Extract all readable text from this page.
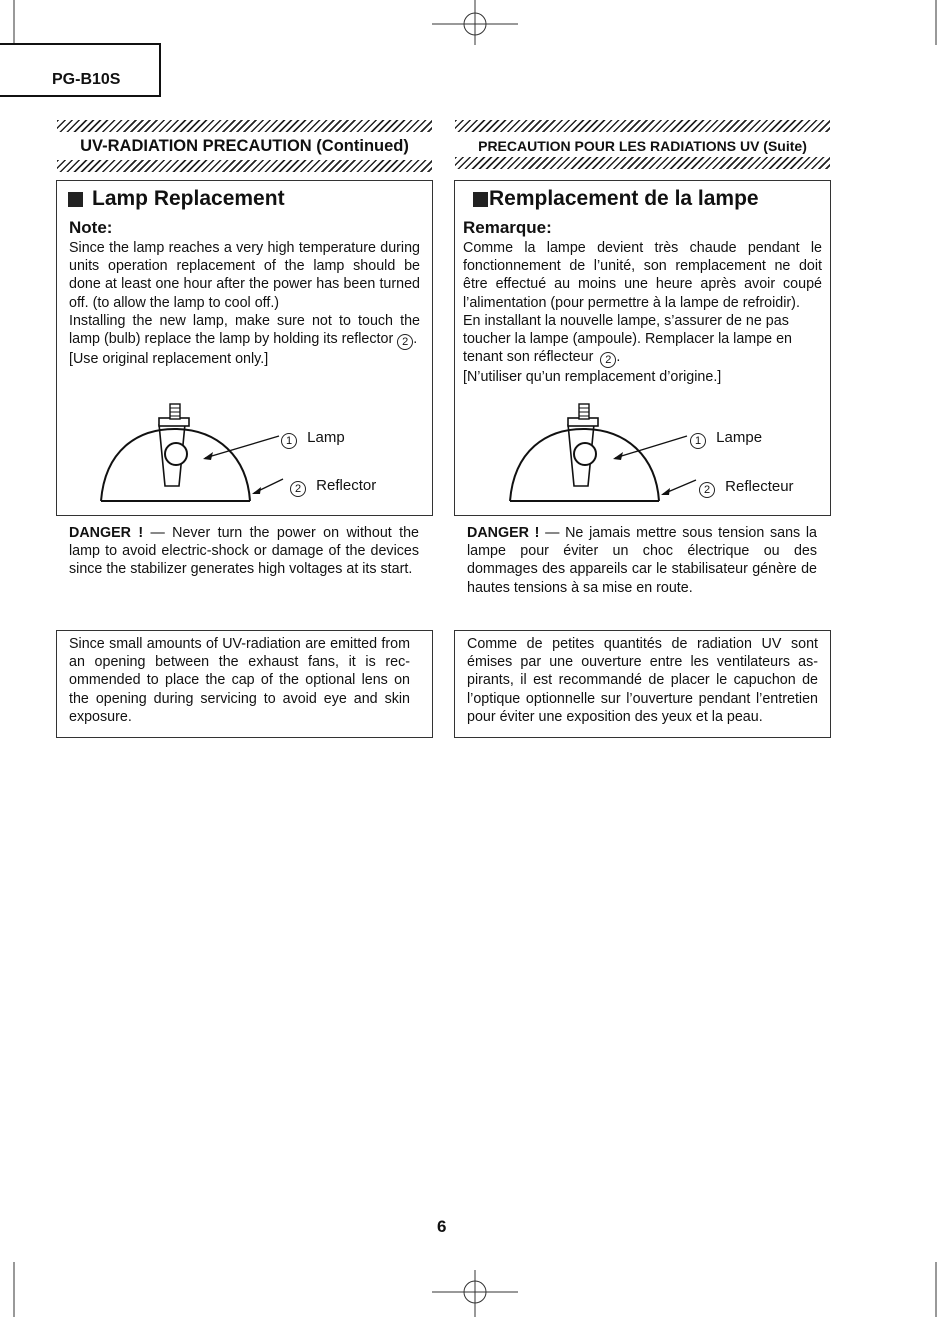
PG-B10S
UV-RADIATION PRECAUTION (Continued)
Lamp Replacement
Note:

Since the lamp reaches a very high temperature during units operation replacement of the lamp should be done at least one hour after the power has been turned off. (to allow the lamp to cool off.)

Installing the new lamp, make sure not to touch the lamp (bulb) replace the lamp by holding its reflector 2 .

[Use original replacement only.]

1 Lamp
2 Reflector
DANGER ! — Never turn the power on without the lamp to avoid electric-shock or damage of the devices since the stabilizer generates high voltages at its start.
Since small amounts of UV-radiation are emitted from an opening between the exhaust fans, it is rec-ommended to place the cap of the optional lens on the opening during servicing to avoid eye and skin exposure.
PRECAUTION POUR LES RADIATIONS UV (Suite)
Remplacement de la lampe
Remarque:

Comme la lampe devient très chaude pendant le fonctionnement de l’unité, son remplacement ne doit être effectué au moins une heure après avoir coupé l’alimentation (pour permettre à la lampe de refroidir).

En installant la nouvelle lampe, s’assurer de ne pas toucher la lampe (ampoule). Remplacer la lampe en tenant son réflecteur 2 .

[N’utiliser qu’un remplacement d’origine.]

1 Lampe
2 Reflecteur
DANGER ! — Ne jamais mettre sous tension sans la lampe pour éviter un choc électrique ou des dommages des appareils car le stabilisateur génère de hautes tensions à sa mise en route.
Comme de petites quantités de radiation UV sont émises par une ouverture entre les ventilateurs as-pirants, il est recommandé de placer le capuchon de l’optique optionnelle sur l’ouverture pendant l’entretien pour éviter une exposition des yeux et la peau.
6
